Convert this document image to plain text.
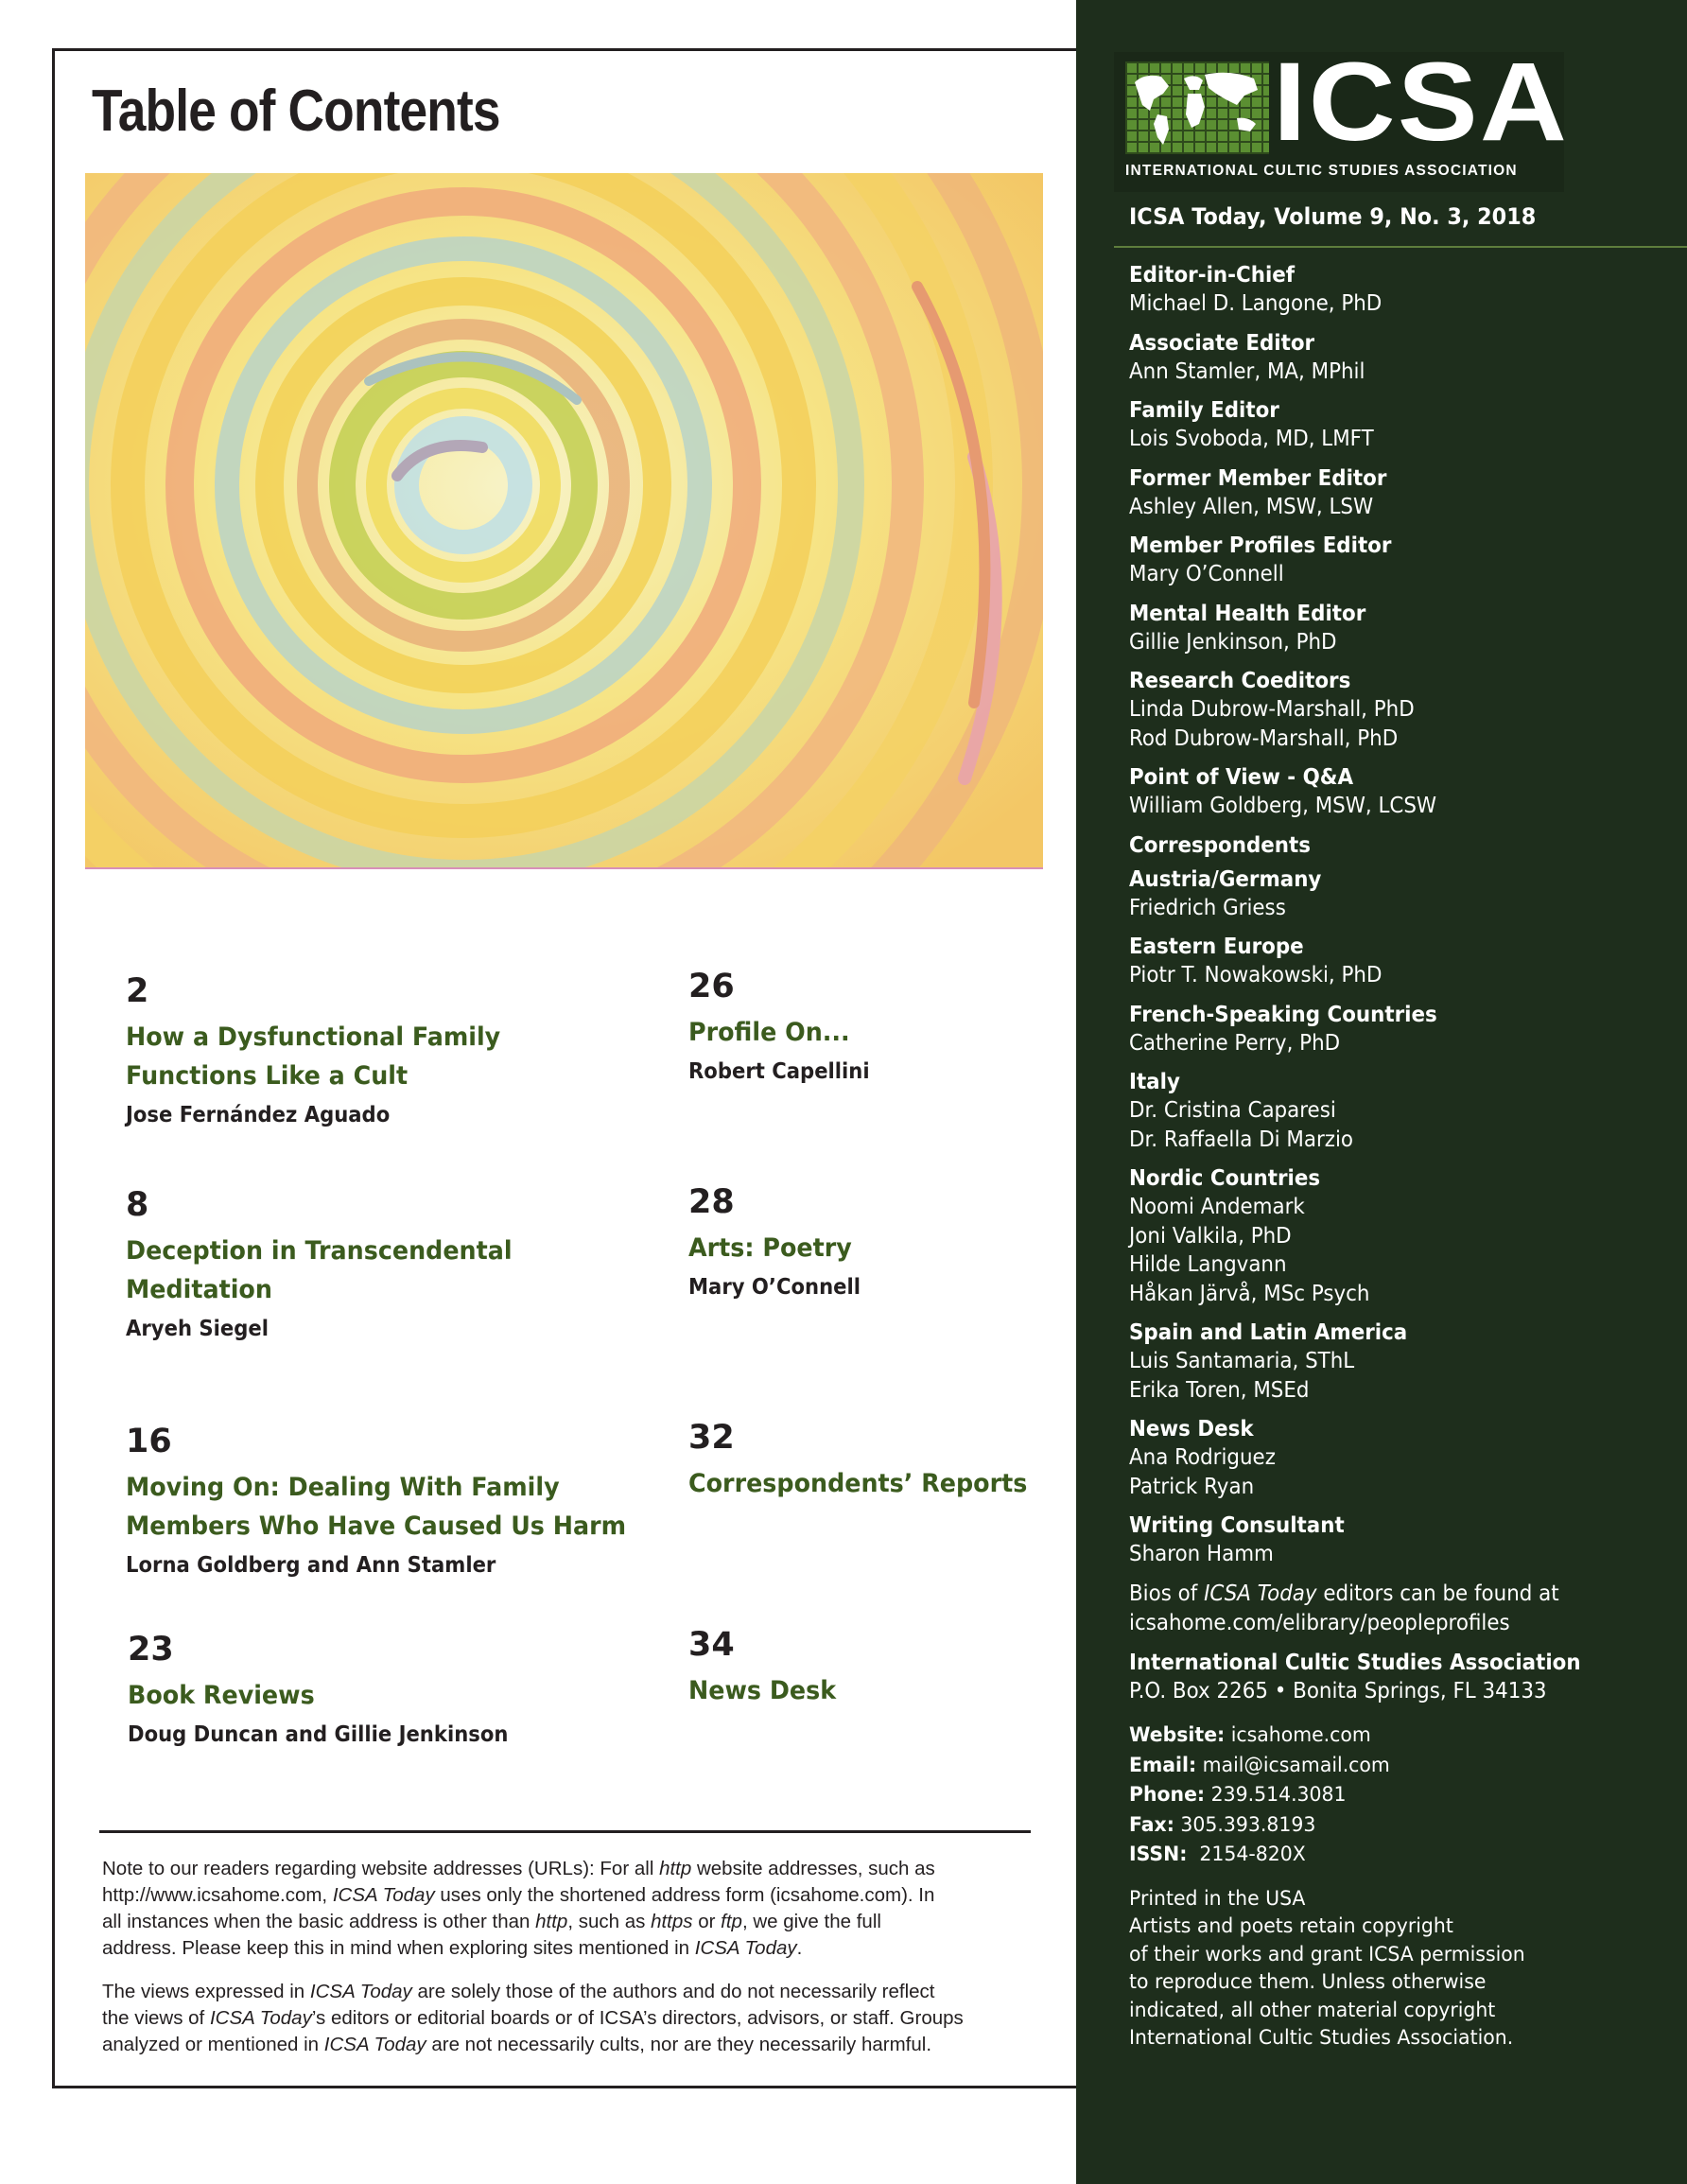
Table of Contents
2
How a Dysfunctional Family
Functions Like a Cult
Jose Fernández Aguado
8
Deception in Transcendental
Meditation
Aryeh Siegel
16
Moving On: Dealing With Family
Members Who Have Caused Us Harm
Lorna Goldberg and Ann Stamler
23
Book Reviews
Doug Duncan and Gillie Jenkinson
26
Profile On...
Robert Capellini
28
Arts: Poetry
Mary O’Connell
32
Correspondents’ Reports
34
News Desk

Note to our readers regarding website addresses (URLs): For all http website addresses, such as
http://www.icsahome.com, ICSA Today uses only the shortened address form (icsahome.com). In
all instances when the basic address is other than http, such as https or ftp, we give the full
address. Please keep this in mind when exploring sites mentioned in ICSA Today.

The views expressed in ICSA Today are solely those of the authors and do not necessarily reflect
the views of ICSA Today’s editors or editorial boards or of ICSA’s directors, advisors, or staff. Groups
analyzed or mentioned in ICSA Today are not necessarily cults, nor are they necessarily harmful.

ICSA
INTERNATIONAL CULTIC STUDIES ASSOCIATION
ICSA Today, Volume 9, No. 3, 2018
Editor-in-Chief
Michael D. Langone, PhD
Associate Editor
Ann Stamler, MA, MPhil
Family Editor
Lois Svoboda, MD, LMFT
Former Member Editor
Ashley Allen, MSW, LSW
Member Profiles Editor
Mary O’Connell
Mental Health Editor
Gillie Jenkinson, PhD
Research Coeditors
Linda Dubrow-Marshall, PhD
Rod Dubrow-Marshall, PhD
Point of View - Q&A
William Goldberg, MSW, LCSW
Correspondents
Austria/Germany
Friedrich Griess
Eastern Europe
Piotr T. Nowakowski, PhD
French-Speaking Countries
Catherine Perry, PhD
Italy
Dr. Cristina Caparesi
Dr. Raffaella Di Marzio
Nordic Countries
Noomi Andemark
Joni Valkila, PhD
Hilde Langvann
Håkan Järvå, MSc Psych
Spain and Latin America
Luis Santamaria, SThL
Erika Toren, MSEd
News Desk
Ana Rodriguez
Patrick Ryan
Writing Consultant
Sharon Hamm
Bios of ICSA Today editors can be found at
icsahome.com/elibrary/peopleprofiles
International Cultic Studies Association
P.O. Box 2265 • Bonita Springs, FL 34133
Website: icsahome.com
Email: mail@icsamail.com
Phone: 239.514.3081
Fax: 305.393.8193
ISSN:  2154-820X
Printed in the USA
Artists and poets retain copyright
of their works and grant ICSA permission
to reproduce them. Unless otherwise
indicated, all other material copyright
International Cultic Studies Association.
